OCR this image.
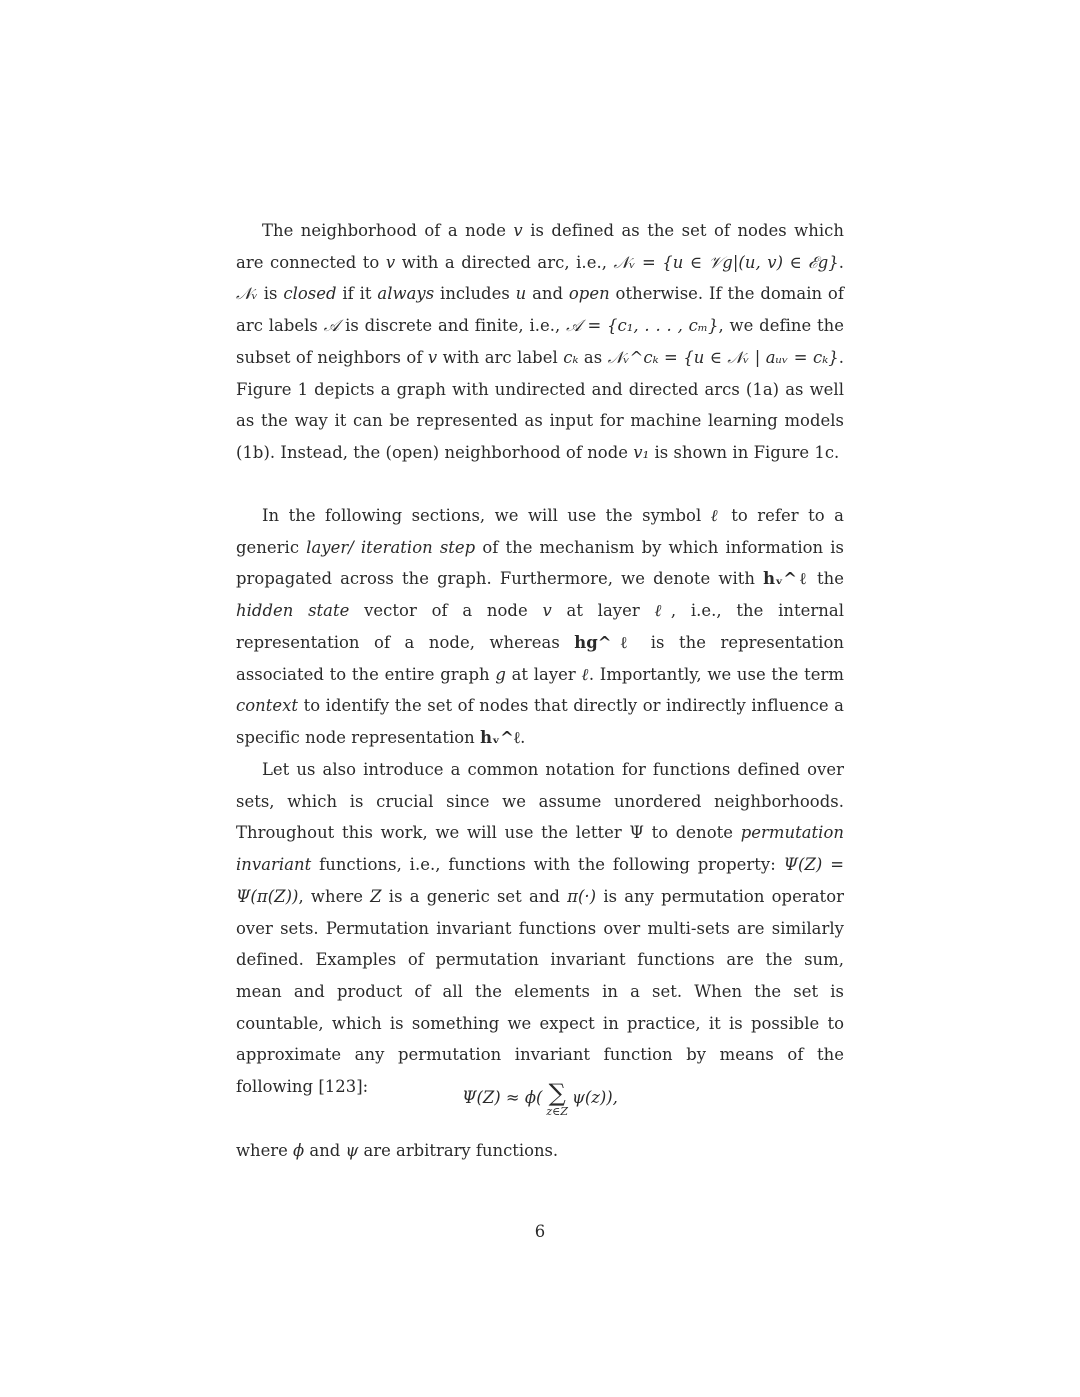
The neighborhood of a node v is defined as the set of nodes which are connected to v with a directed arc, i.e., 𝒩ᵥ = {u ∈ 𝒱g|(u, v) ∈ ℰg}. 𝒩ᵥ is closed if it always includes u and open otherwise. If the domain of arc labels 𝒜 is discrete and finite, i.e., 𝒜 = {c₁, . . . , cₘ}, we define the subset of neighbors of v with arc label cₖ as 𝒩ᵥ^cₖ = {u ∈ 𝒩ᵥ | aᵤᵥ = cₖ}. Figure 1 depicts a graph with undirected and directed arcs (1a) as well as the way it can be represented as input for machine learning models (1b). Instead, the (open) neighborhood of node v₁ is shown in Figure 1c.

In the following sections, we will use the symbol ℓ to refer to a generic layer/ iteration step of the mechanism by which information is propagated across the graph. Furthermore, we denote with hᵥ^ℓ the hidden state vector of a node v at layer ℓ, i.e., the internal representation of a node, whereas hg^ℓ is the representation associated to the entire graph g at layer ℓ. Importantly, we use the term context to identify the set of nodes that directly or indirectly influence a specific node representation hᵥ^ℓ.

Let us also introduce a common notation for functions defined over sets, which is crucial since we assume unordered neighborhoods. Throughout this work, we will use the letter Ψ to denote permutation invariant functions, i.e., functions with the following property: Ψ(Z) = Ψ(π(Z)), where Z is a generic set and π(·) is any permutation operator over sets. Permutation invariant functions over multi-sets are similarly defined. Examples of permutation invariant functions are the sum, mean and product of all the elements in a set. When the set is countable, which is something we expect in practice, it is possible to approximate any permutation invariant function by means of the following [123]:

Ψ(Z) ≈ ϕ( ∑
z∈Z
ψ(z)),

where ϕ and ψ are arbitrary functions.

6
